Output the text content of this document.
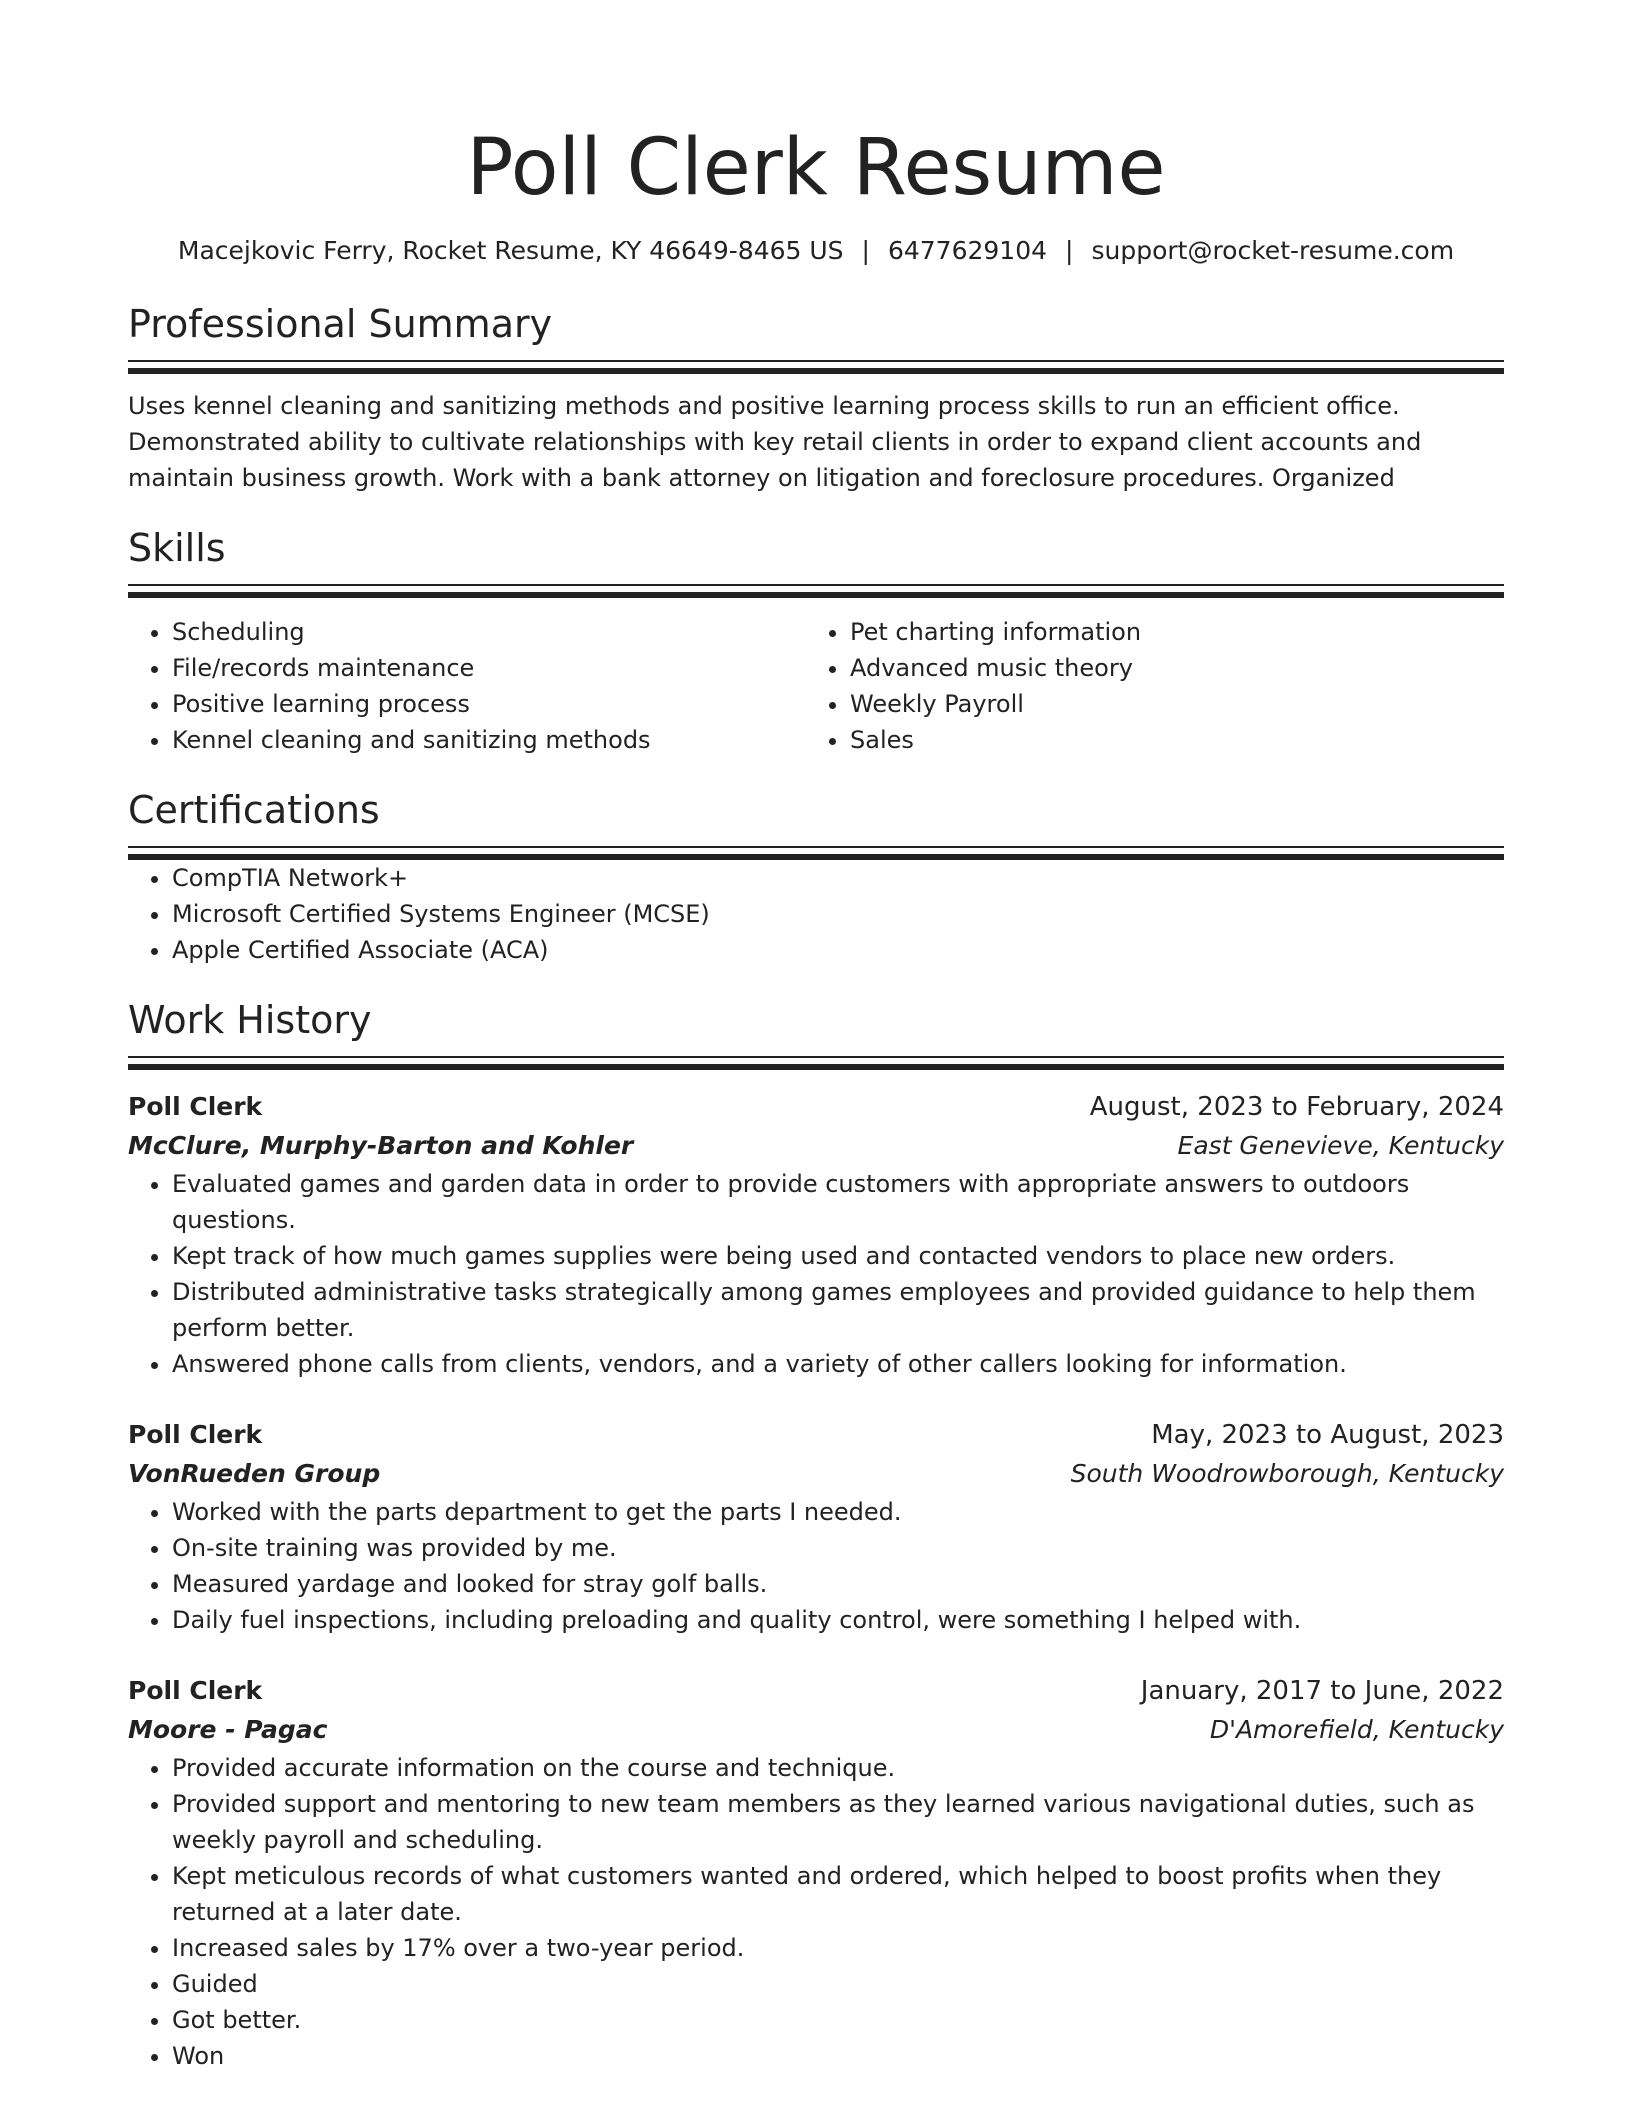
Poll Clerk Resume
Macejkovic Ferry, Rocket Resume, KY 46649-8465 US | 6477629104 | support@rocket-resume.com
Professional Summary
Uses kennel cleaning and sanitizing methods and positive learning process skills to run an efficient office. Demonstrated ability to cultivate relationships with key retail clients in order to expand client accounts and maintain business growth. Work with a bank attorney on litigation and foreclosure procedures. Organized
Skills
• Scheduling
• File/records maintenance
• Positive learning process
• Kennel cleaning and sanitizing methods
• Pet charting information
• Advanced music theory
• Weekly Payroll
• Sales
Certifications
• CompTIA Network+
• Microsoft Certified Systems Engineer (MCSE)
• Apple Certified Associate (ACA)
Work History
Poll Clerk	August, 2023 to February, 2024
McClure, Murphy-Barton and Kohler	East Genevieve, Kentucky
• Evaluated games and garden data in order to provide customers with appropriate answers to outdoors questions.
• Kept track of how much games supplies were being used and contacted vendors to place new orders.
• Distributed administrative tasks strategically among games employees and provided guidance to help them perform better.
• Answered phone calls from clients, vendors, and a variety of other callers looking for information.
Poll Clerk	May, 2023 to August, 2023
VonRueden Group	South Woodrowborough, Kentucky
• Worked with the parts department to get the parts I needed.
• On-site training was provided by me.
• Measured yardage and looked for stray golf balls.
• Daily fuel inspections, including preloading and quality control, were something I helped with.
Poll Clerk	January, 2017 to June, 2022
Moore - Pagac	D'Amorefield, Kentucky
• Provided accurate information on the course and technique.
• Provided support and mentoring to new team members as they learned various navigational duties, such as weekly payroll and scheduling.
• Kept meticulous records of what customers wanted and ordered, which helped to boost profits when they returned at a later date.
• Increased sales by 17% over a two-year period.
• Guided
• Got better.
• Won
